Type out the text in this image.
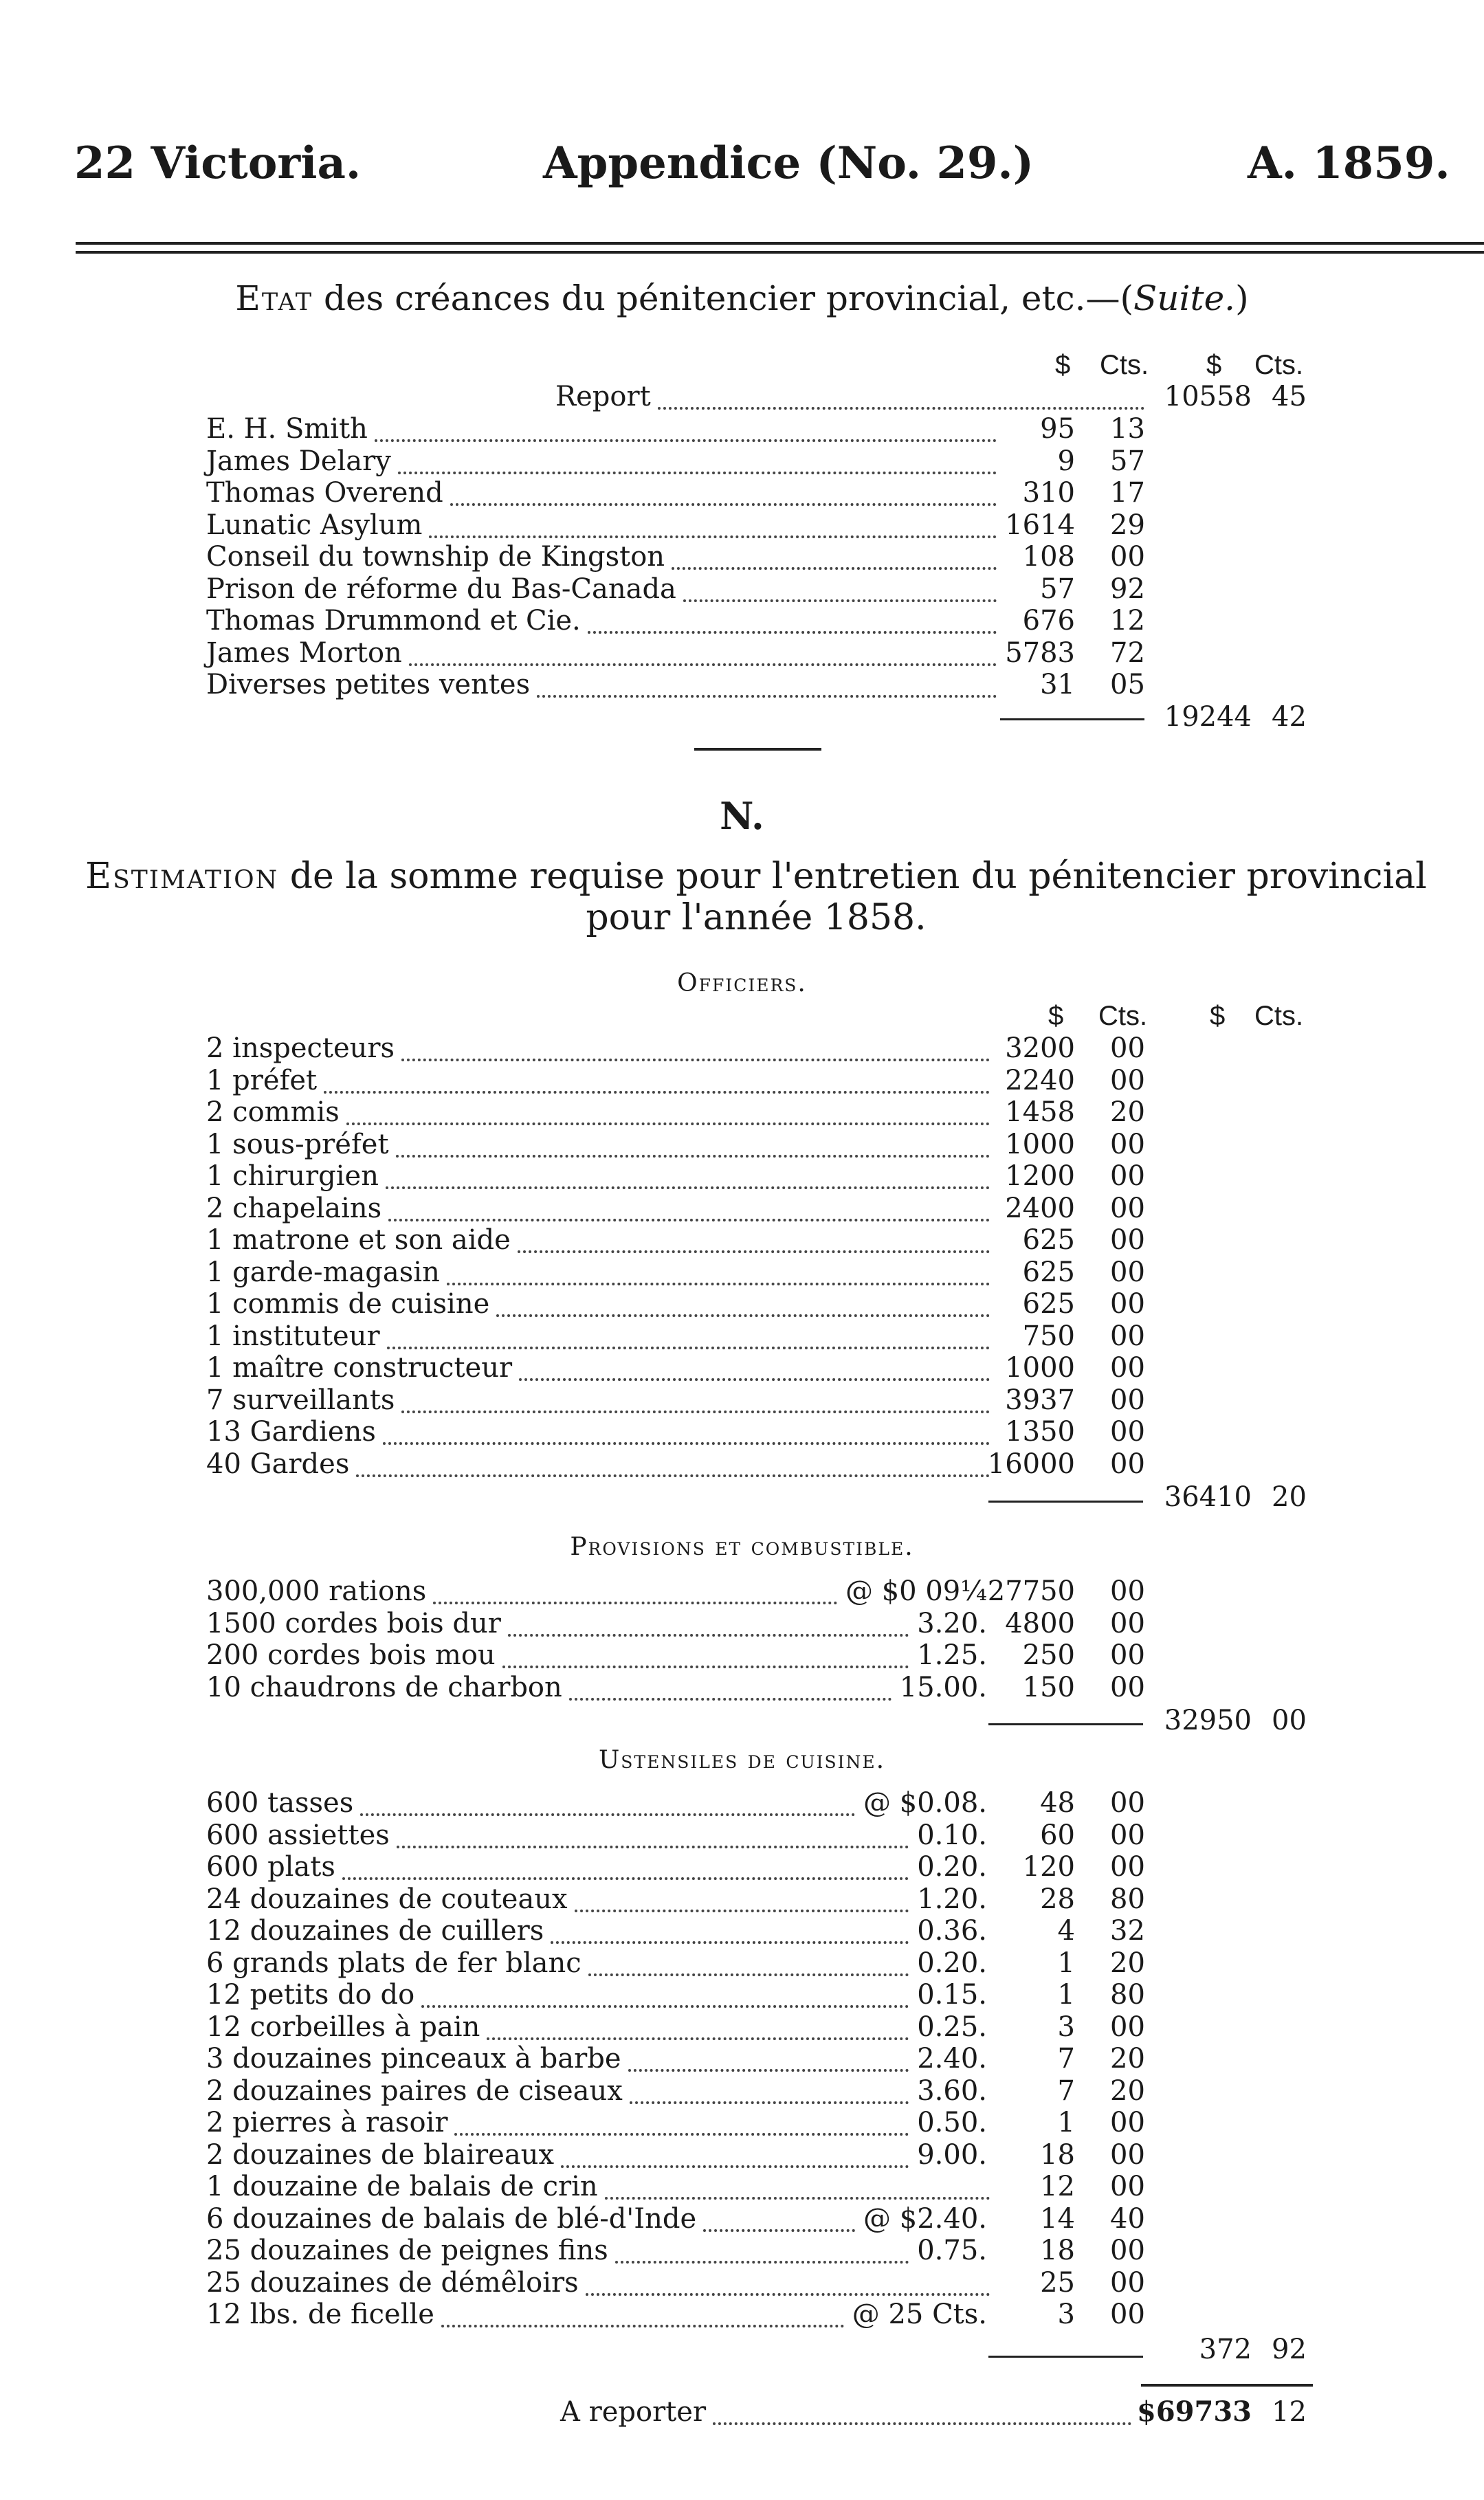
22 Victoria.	Appendice (No. 29.)	A. 1859.
Etat des créances du pénitencier provincial, etc.—(Suite.)
$ Cts. $ Cts.
Report	10558 45
E. H. Smith	95 13
James Delary	9 57
Thomas Overend	310 17
Lunatic Asylum	1614 29
Conseil du township de Kingston	108 00
Prison de réforme du Bas-Canada	57 92
Thomas Drummond et Cie.	676 12
James Morton	5783 72
Diverses petites ventes	31 05
19244 42
N.
Estimation de la somme requise pour l'entretien du pénitencier provincial pour l'année 1858.
Officiers.
$ Cts. $ Cts.
2 inspecteurs	3200 00
1 préfet	2240 00
2 commis	1458 20
1 sous-préfet	1000 00
1 chirurgien	1200 00
2 chapelains	2400 00
1 matrone et son aide	625 00
1 garde-magasin	625 00
1 commis de cuisine	625 00
1 instituteur	750 00
1 maître constructeur	1000 00
7 surveillants	3937 00
13 Gardiens	1350 00
40 Gardes	16000 00
36410 20
Provisions et combustible.
300,000 rations	@ $0 09¼ 27750 00
1500 cordes bois dur	3.20. 4800 00
200 cordes bois mou	1.25. 250 00
10 chaudrons de charbon	15.00. 150 00
32950 00
Ustensiles de cuisine.
600 tasses	@ $0.08. 48 00
600 assiettes	0.10. 60 00
600 plats	0.20. 120 00
24 douzaines de couteaux	1.20. 28 80
12 douzaines de cuillers	0.36.	4 32
6 grands plats de fer blanc	0.20.	1 20
12 petits do do	0.15.	1 80
12 corbeilles à pain	0.25.	3 00
3 douzaines pinceaux à barbe	2.40.	7 20
2 douzaines paires de ciseaux	3.60.	7 20
2 pierres à rasoir	0.50.	1 00
2 douzaines de blaireaux	9.00. 18 00
1 douzaine de balais de crin	12 00
6 douzaines de balais de blé-d'Inde	@ $2.40. 14 40
25 douzaines de peignes fins	0.75. 18 00
25 douzaines de démêloirs	25 00
12 lbs. de ficelle	@ 25 Cts.	3 00
372 92
A reporter	$69733 12
